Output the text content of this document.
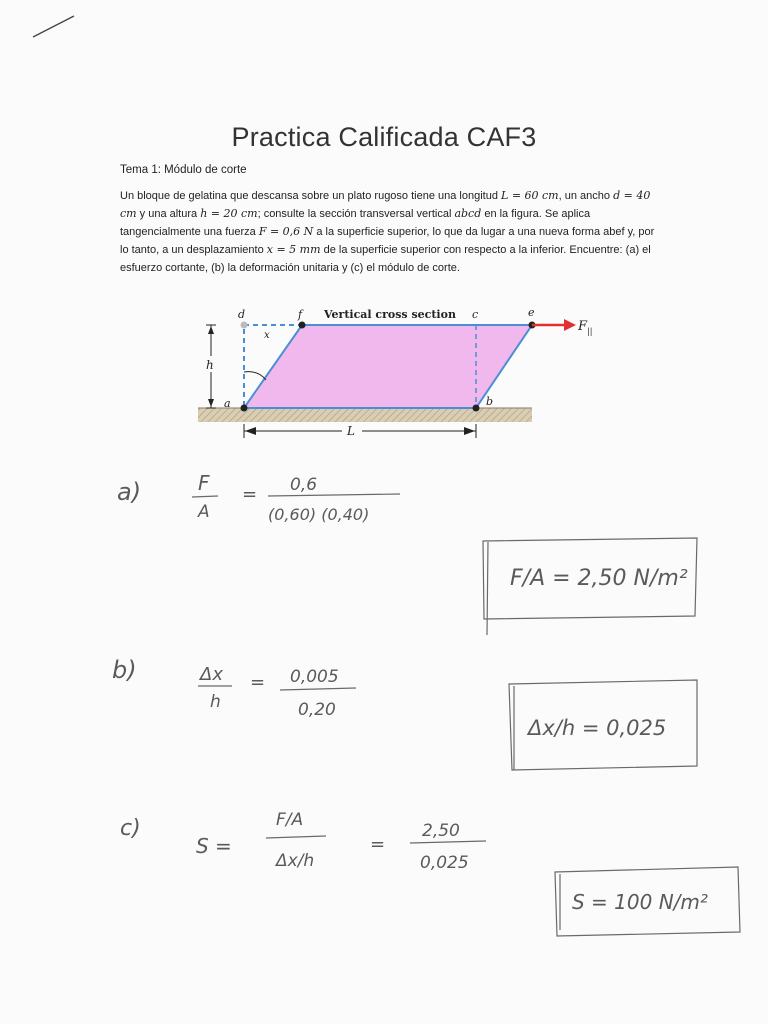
Practica Calificada CAF3
Tema 1: Módulo de corte
Un bloque de gelatina que descansa sobre un plato rugoso tiene una longitud L = 60 cm, un ancho d = 40 cm y una altura h = 20 cm; consulte la sección transversal vertical abcd en la figura. Se aplica tangencialmente una fuerza F = 0,6 N a la superficie superior, lo que da lugar a una nueva forma abef y, por lo tanto, a un desplazamiento x = 5 mm de la superficie superior con respecto a la inferior. Encuentre: (a) el esfuerzo cortante, (b) la deformación unitaria y (c) el módulo de corte.
d	f	c	e
a	b
x
h
L
F ||
Vertical cross section
a)	F
A
= 0,6
(0,60) (0,40)
F/A = 2,50 N/m²
b)	Δx
h
= 0,005
0,20
Δx/h = 0,025
c)
S =
F/A
Δx/h
=
2,50
0,025
S = 100 N/m²
